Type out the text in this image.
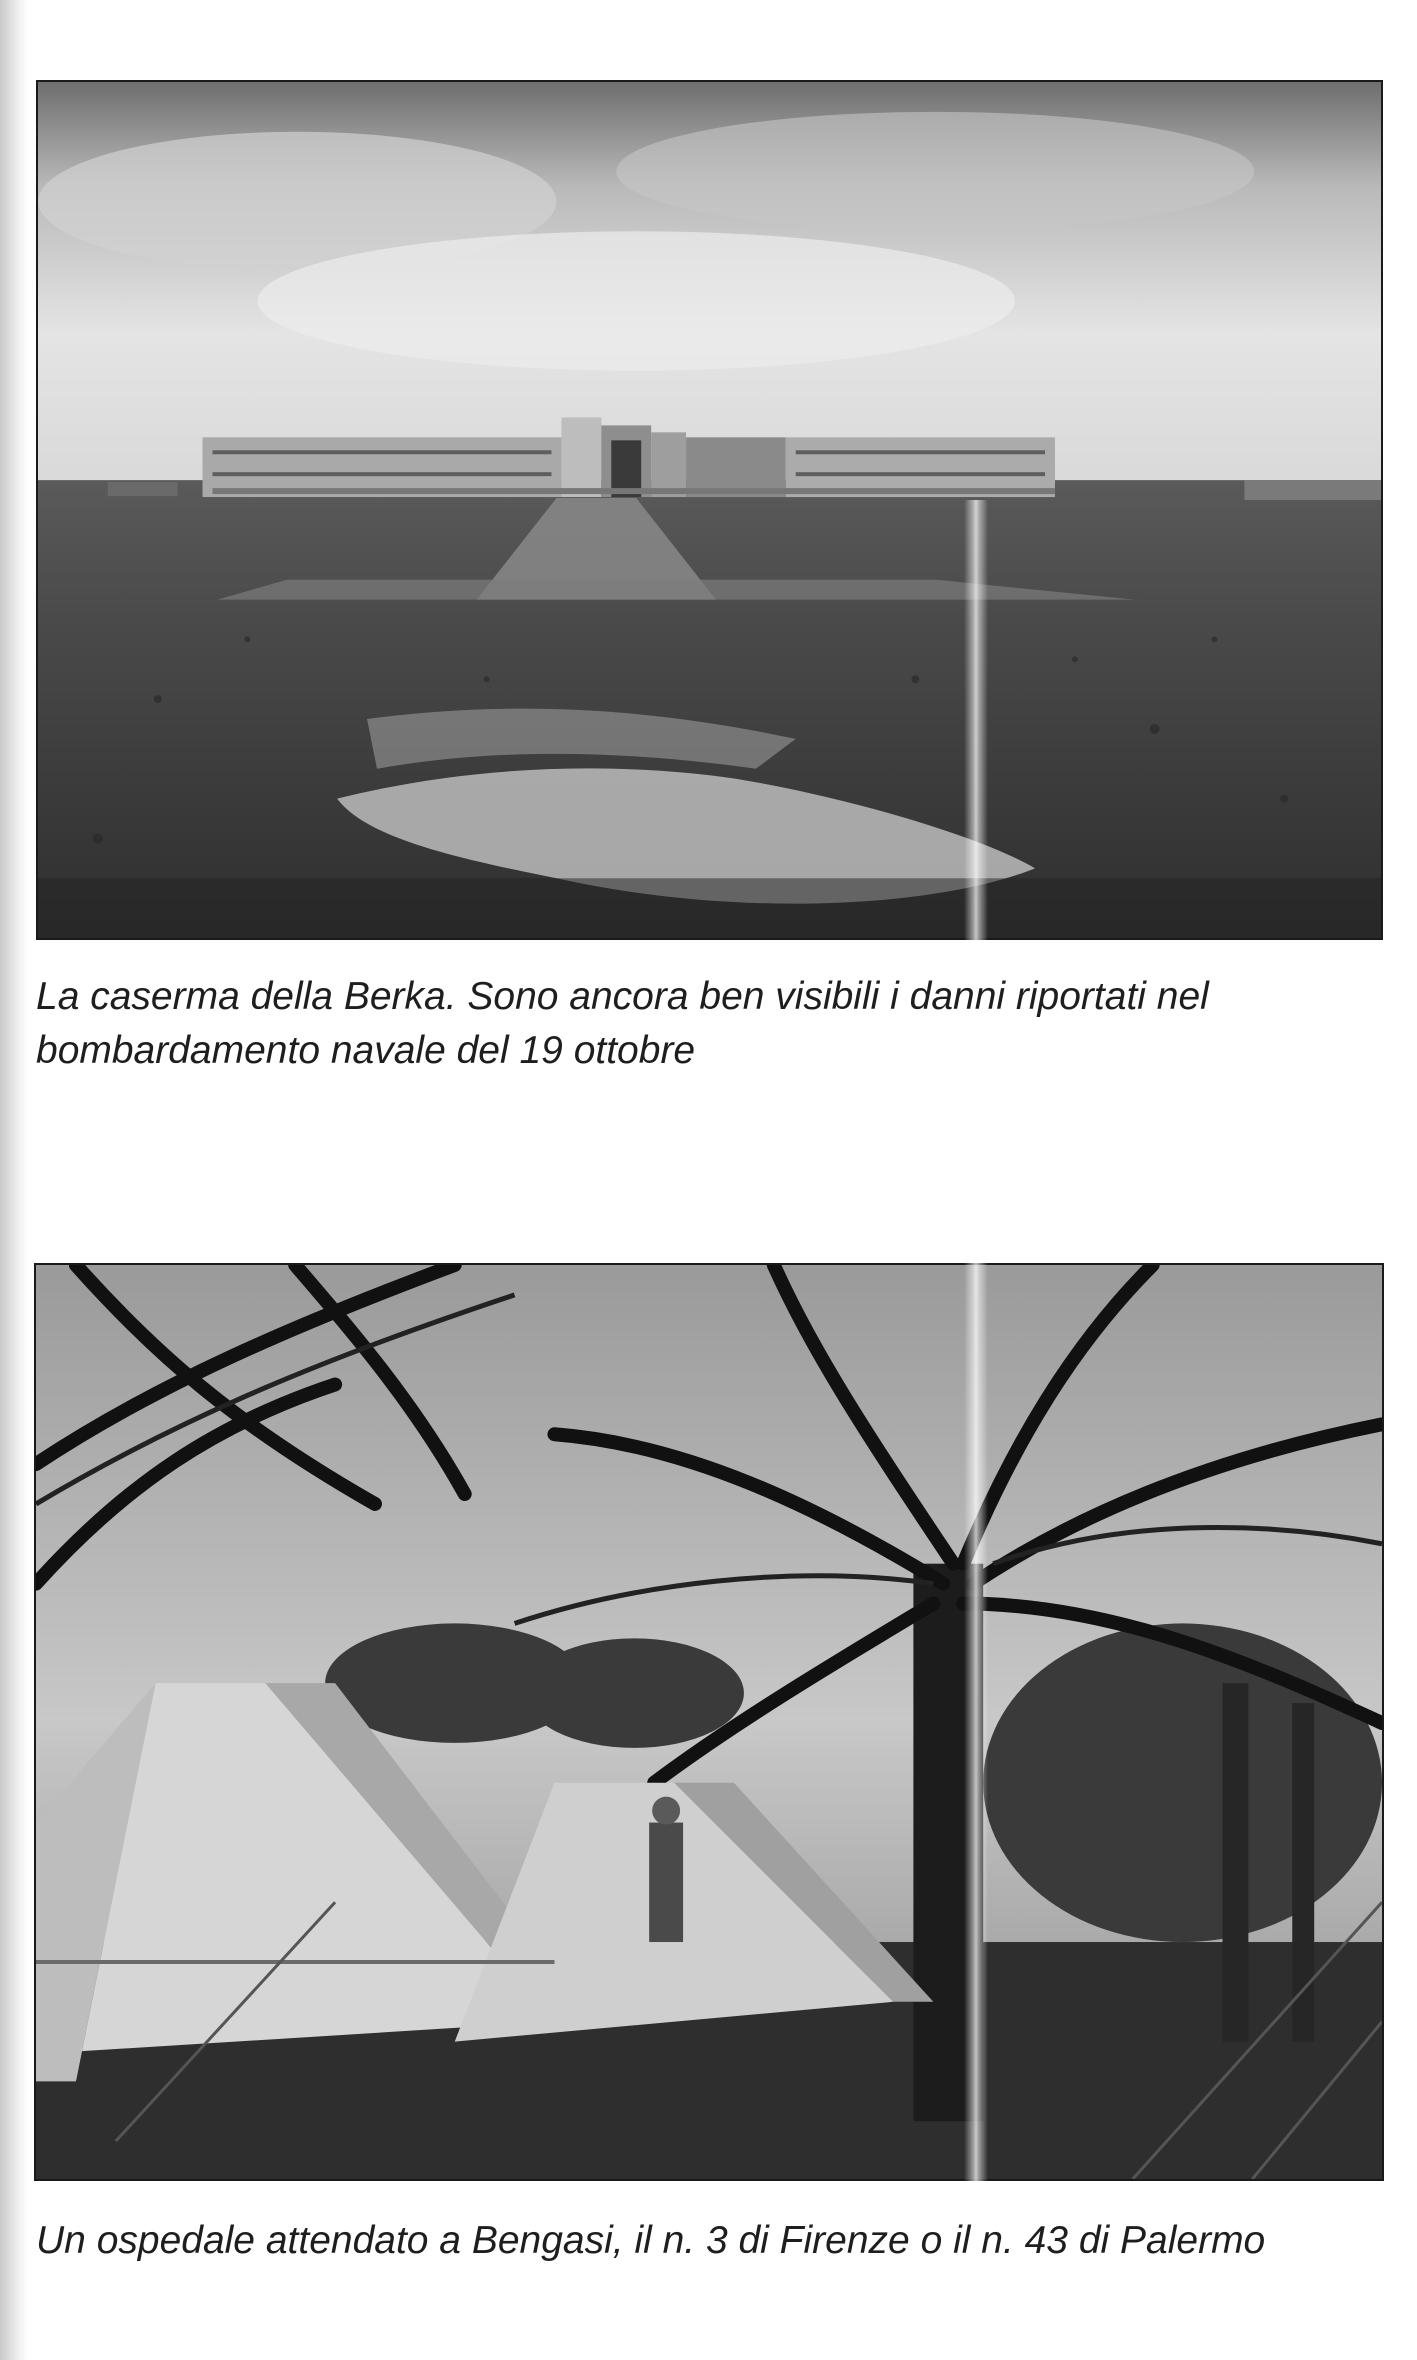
La caserma della Berka. Sono ancora ben visibili i danni riportati nel bombardamento navale del 19 ottobre

Un ospedale attendato a Bengasi, il n. 3 di Firenze o il n. 43 di Palermo
